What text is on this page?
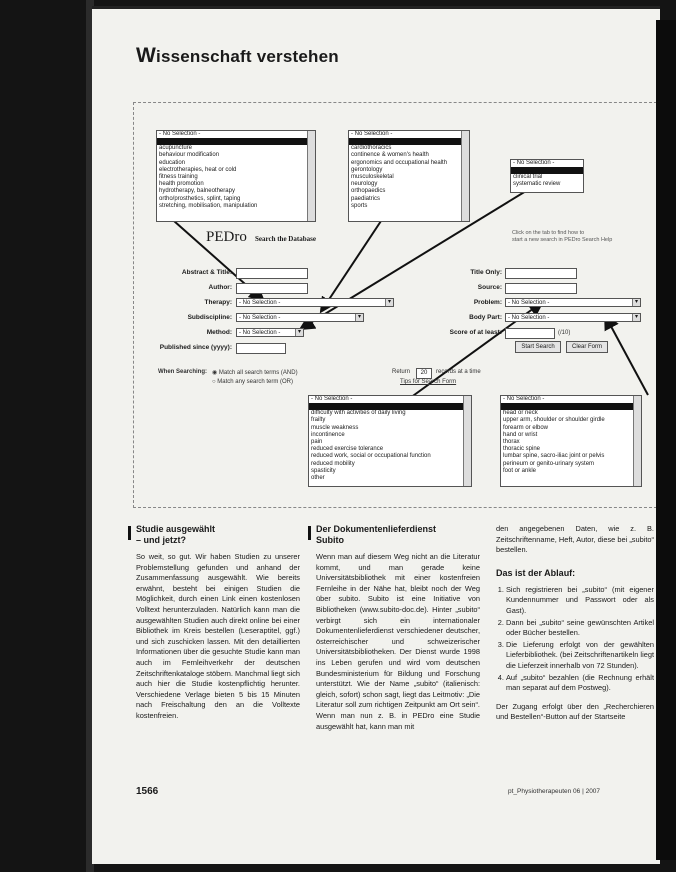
Wissenschaft verstehen
- No Selection -
acupuncture
behaviour modification
education
electrotherapies, heat or cold
fitness training
health promotion
hydrotherapy, balneotherapy
ortho/prosthetics, splint, taping
stretching, mobilisation, manipulation
- No Selection -
cardiothoracics
continence & women's health
ergonomics and occupational health
gerontology
musculoskeletal
neurology
orthopaedics
paediatrics
sports
- No Selection -
clinical trial
systematic review
PEDro Search the Database
Click on the tab to find how to
start a new search in PEDro Search Help
Abstract & Title:
Author:
Therapy:	- No Selection - ▾
Subdiscipline:	- No Selection - ▾
Method:	- No Selection - ▾
Published since (yyyy):
Title Only:
Source:
Problem:	- No Selection - ▾
Body Part:	- No Selection - ▾
Score of at least:	(/10)
Start Search	Clear Form
When Searching: ◉ Match all search terms (AND)
○ Match any search term (OR)
Return	20	records at a time
Tips for Search Form
- No Selection -
difficulty with activities of daily living
frailty
muscle weakness
incontinence
pain
reduced exercise tolerance
reduced work, social or occupational function
reduced mobility
spasticity
other
- No Selection -
head or neck
upper arm, shoulder or shoulder girdle
forearm or elbow
hand or wrist
thorax
thoracic spine
lumbar spine, sacro-iliac joint or pelvis
perineum or genito-urinary system
foot or ankle
Studie ausgewählt
– und jetzt?

So weit, so gut. Wir haben Studien zu unserer Problemstellung gefunden und anhand der Zusammenfassung ausgewählt. Wie bereits erwähnt, besteht bei einigen Studien die Möglichkeit, durch einen Link einen kostenlosen Volltext herunterzuladen. Natürlich kann man die ausgewählten Studien auch direkt online bei einer Bibliothek im Kreis bestellen (Leseraptitel, ggf.) und sich zuschicken lassen. Mit den detaillierten Informationen über die gesuchte Studie kann man auch im Fernleihverkehr der deutschen Zeitschriftenkataloge stöbern. Manchmal liegt sich auch hier die Studie kostenpflichtig herunter. Verschiedene Verlage bieten 5 bis 15 Minuten nach Freischaltung den an die Volltexte kostenfreien.

Der Dokumentenlieferdienst
Subito

Wenn man auf diesem Weg nicht an die Literatur kommt, und man gerade keine Universitätsbibliothek mit einer kostenfreien Fernleihe in der Nähe hat, bleibt noch der Weg über subito. Subito ist eine Initiative von Bibliotheken (www.subito-doc.de). Hinter „subito“ verbirgt sich ein internationaler Dokumentenlieferdienst verschiedener deutscher, österreichischer und schweizerischer Universitätsbibliotheken. Der Dienst wurde 1998 ins Leben gerufen und wird vom deutschen Bundesministerium für Bildung und Forschung unterstützt. Wie der Name „subito“ (italienisch: gleich, sofort) schon sagt, liegt das Leitmotiv: „Die Literatur soll zum richtigen Zeitpunkt am Ort sein“. Wenn man nun z. B. in PEDro eine Studie ausgewählt hat, kann man mit

den angegebenen Daten, wie z. B. Zeitschriftenname, Heft, Autor, diese bei „subito“ bestellen.

Das ist der Ablauf:
1. Sich registrieren bei „subito“ (mit eigener Kundennummer und Passwort oder als Gast).
2. Dann bei „subito“ seine gewünschten Artikel oder Bücher bestellen.
3. Die Lieferung erfolgt von der gewählten Lieferbibliothek. (bei Zeitschriftenartikeln liegt die Lieferzeit innerhalb von 72 Stunden).
4. Auf „subito“ bezahlen (die Rechnung erhält man separat auf dem Postweg).

Der Zugang erfolgt über den „Recherchieren und Bestellen“-Button auf der Startseite

1566	pt_Physiotherapeuten 06 | 2007
